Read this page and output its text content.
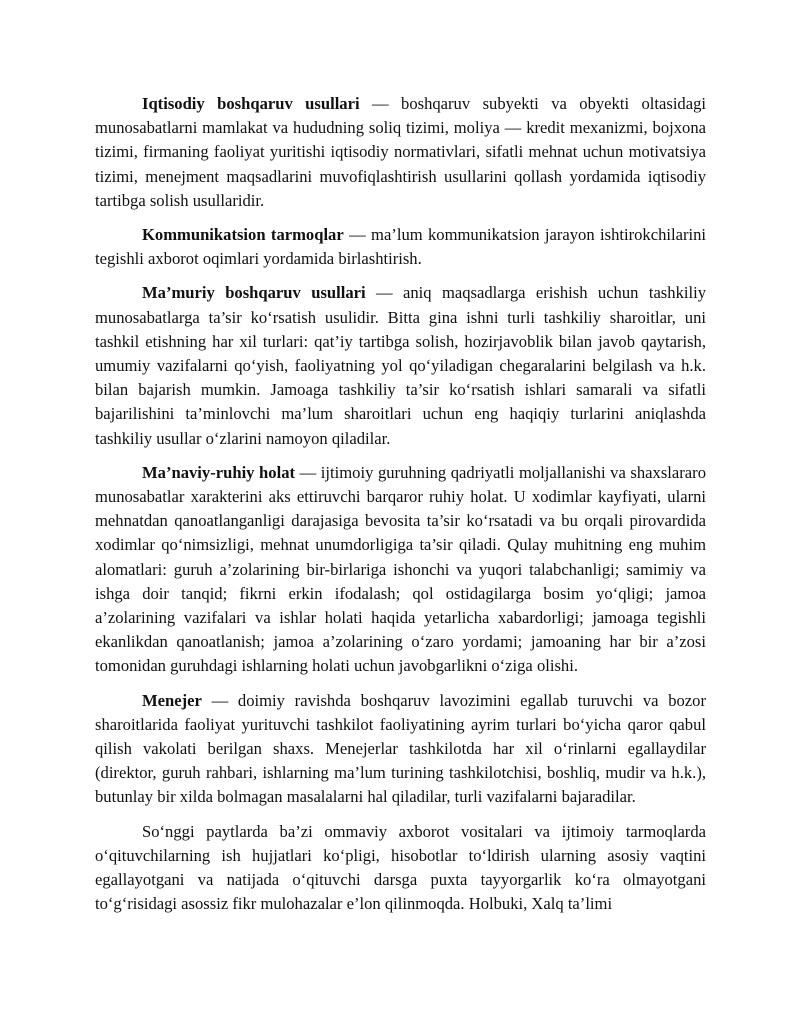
Iqtisodiy boshqaruv usullari — boshqaruv subyekti va obyekti oltasidagi munosabatlarni mamlakat va hududning soliq tizimi, moliya — kredit mexanizmi, bojxona tizimi, firmaning faoliyat yuritishi iqtisodiy normativlari, sifatli mehnat uchun motivatsiya tizimi, menejment maqsadlarini muvofiqlashtirish usullarini qollash yordamida iqtisodiy tartibga solish usullaridir.

Kommunikatsion tarmoqlar — ma’lum kommunikatsion jarayon ishtirokchilarini tegishli axborot oqimlari yordamida birlashtirish.

Ma’muriy boshqaruv usullari — aniq maqsadlarga erishish uchun tashkiliy munosabatlarga ta’sir ko‘rsatish usulidir. Bitta gina ishni turli tashkiliy sharoitlar, uni tashkil etishning har xil turlari: qat’iy tartibga solish, hozirjavoblik bilan javob qaytarish, umumiy vazifalarni qo‘yish, faoliyatning yol qo‘yiladigan chegaralarini belgilash va h.k. bilan bajarish mumkin. Jamoaga tashkiliy ta’sir ko‘rsatish ishlari samarali va sifatli bajarilishini ta’minlovchi ma’lum sharoitlari uchun eng haqiqiy turlarini aniqlashda tashkiliy usullar o‘zlarini namoyon qiladilar.

Ma’naviy-ruhiy holat — ijtimoiy guruhning qadriyatli moljallanishi va shaxslararo munosabatlar xarakterini aks ettiruvchi barqaror ruhiy holat. U xodimlar kayfiyati, ularni mehnatdan qanoatlanganligi darajasiga bevosita ta’sir ko‘rsatadi va bu orqali pirovardida xodimlar qo‘nimsizligi, mehnat unumdorligiga ta’sir qiladi. Qulay muhitning eng muhim alomatlari: guruh a’zolarining bir-birlariga ishonchi va yuqori talabchanligi; samimiy va ishga doir tanqid; fikrni erkin ifodalash; qol ostidagilarga bosim yo‘qligi; jamoa a’zolarining vazifalari va ishlar holati haqida yetarlicha xabardorligi; jamoaga tegishli ekanlikdan qanoatlanish; jamoa a’zolarining o‘zaro yordami; jamoaning har bir a’zosi tomonidan guruhdagi ishlarning holati uchun javobgarlikni o‘ziga olishi.

Menejer — doimiy ravishda boshqaruv lavozimini egallab turuvchi va bozor sharoitlarida faoliyat yurituvchi tashkilot faoliyatining ayrim turlari bo‘yicha qaror qabul qilish vakolati berilgan shaxs. Menejerlar tashkilotda har xil o‘rinlarni egallaydilar (direktor, guruh rahbari, ishlarning ma’lum turining tashkilotchisi, boshliq, mudir va h.k.), butunlay bir xilda bolmagan masalalarni hal qiladilar, turli vazifalarni bajaradilar.

So‘nggi paytlarda ba’zi ommaviy axborot vositalari va ijtimoiy tarmoqlarda o‘qituvchilarning ish hujjatlari ko‘pligi, hisobotlar to‘ldirish ularning asosiy vaqtini egallayotgani va natijada o‘qituvchi darsga puxta tayyorgarlik ko‘ra olmayotgani to‘g‘risidagi asossiz fikr mulohazalar e’lon qilinmoqda. Holbuki, Xalq ta’limi
